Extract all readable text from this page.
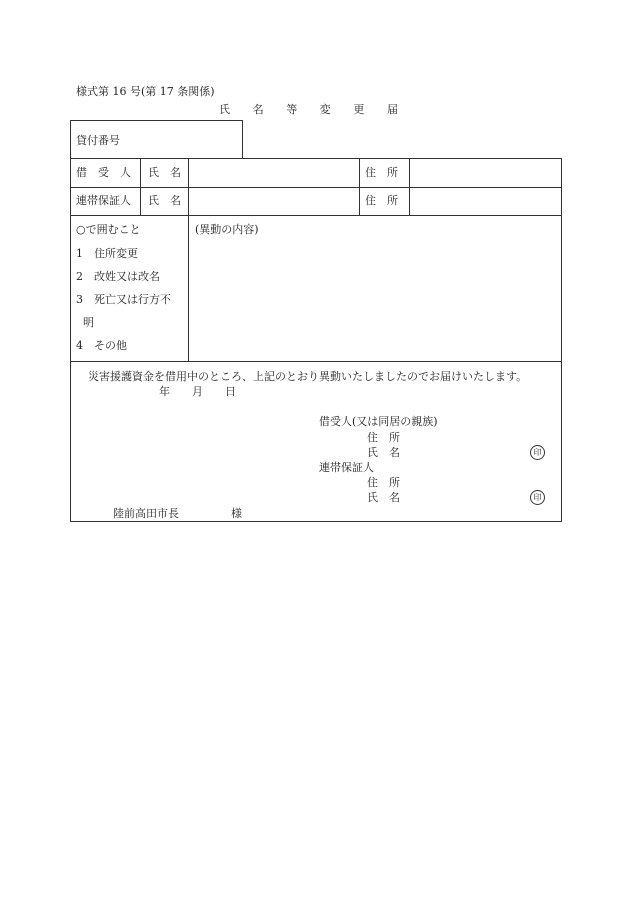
様式第 16 号(第 17 条関係)
氏　　名　　等　　変　　更　　届
貸付番号
借　受　人 氏　名	住　所
連帯保証人 氏　名	住　所
○で囲むこと
1　住所変更
2　改姓又は改名
3　死亡又は行方不
明
4　その他
(異動の内容)
災害援護資金を借用中のところ、上記のとおり異動いたしましたのでお届けいたします。
年　　月　　日
借受人(又は同居の親族)
住　所
氏　名	印
連帯保証人
住　所
氏　名	印
陸前高田市長	様
